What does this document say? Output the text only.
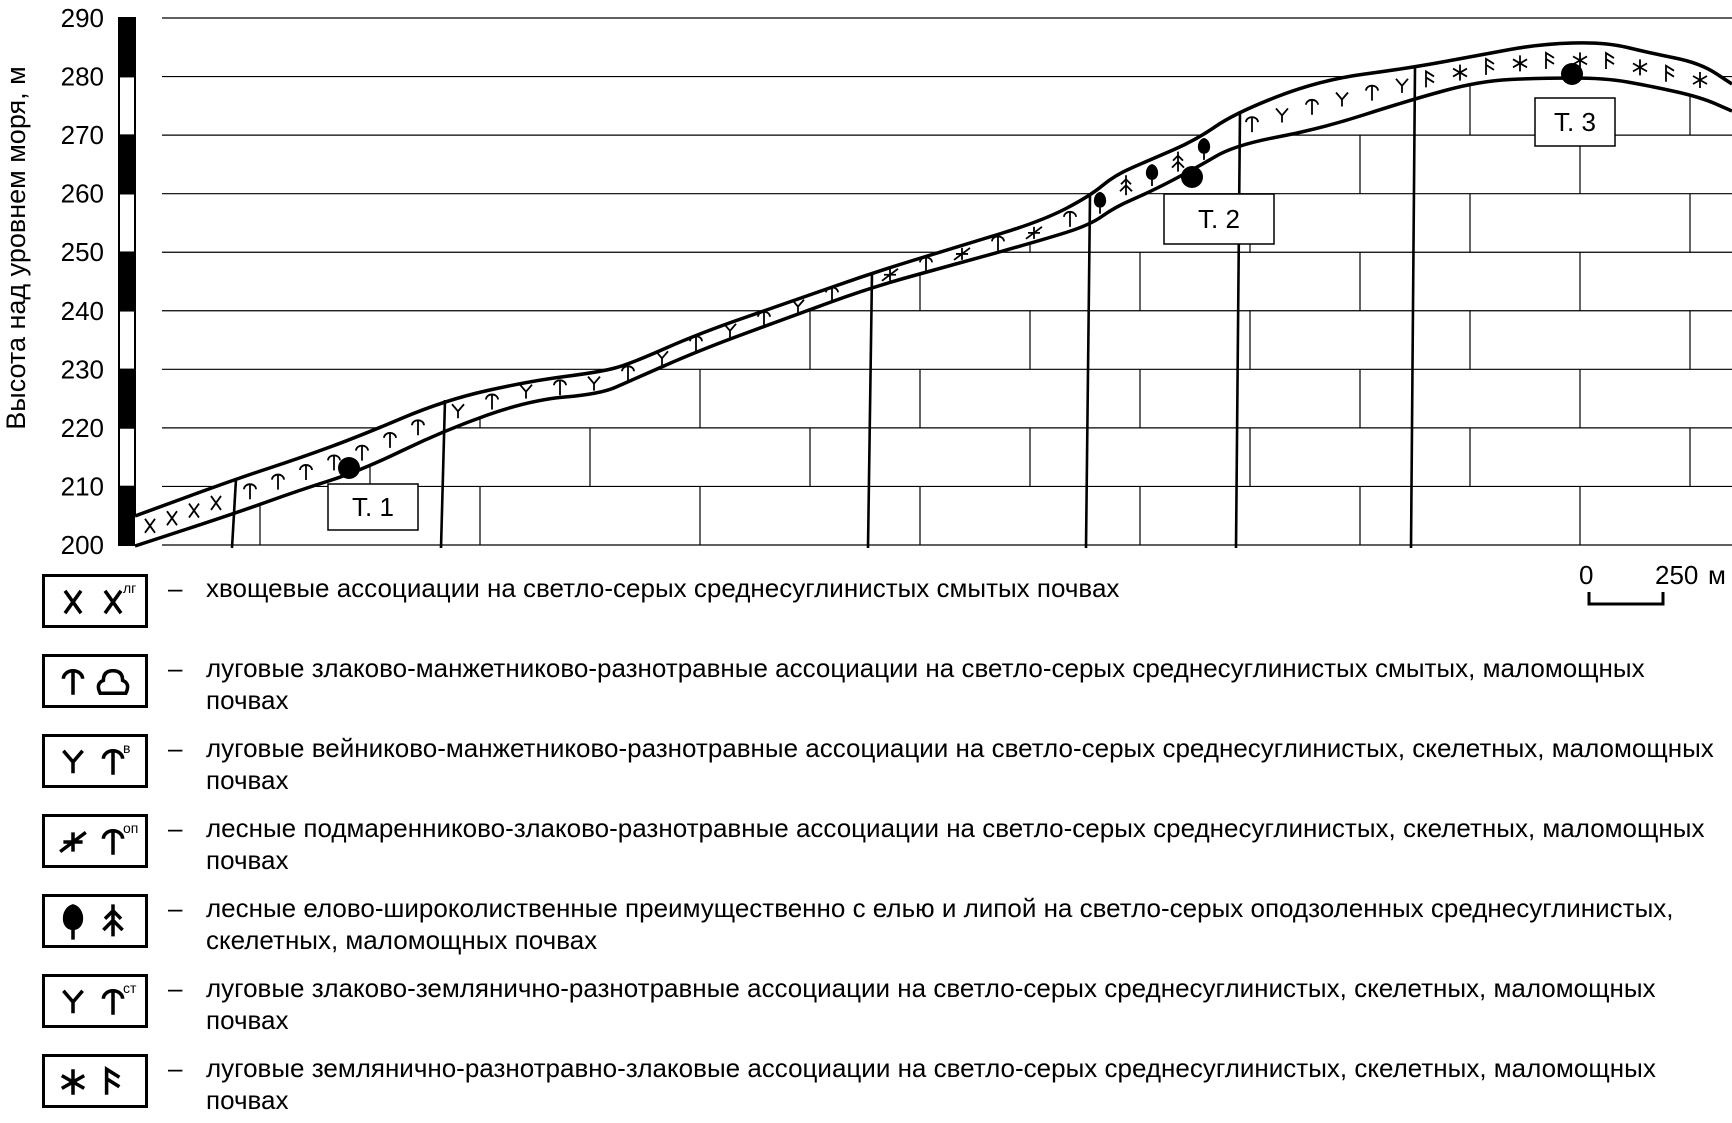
200
210
220
230
240
250
260
270
280
290
Высота над уровнем моря, м
Т. 1
Т. 2
Т. 3
0 250 м
лг – хвощевые ассоциации на светло-серых среднесуглинистых смытых почвах
– луговые злаково-манжетниково-разнотравные ассоциации на светло-серых среднесуглинистых смытых, маломощных почвах
в – луговые вейниково-манжетниково-разнотравные ассоциации на светло-серых среднесуглинистых, скелетных, маломощных почвах
оп – лесные подмаренниково-злаково-разнотравные ассоциации на светло-серых среднесуглинистых, скелетных, маломощных почвах
– лесные елово-широколиственные преимущественно с елью и липой на светло-серых оподзоленных среднесуглинистых, скелетных, маломощных почвах
ст – луговые злаково-землянично-разнотравные ассоциации на светло-серых среднесуглинистых, скелетных, маломощных почвах
– луговые землянично-разнотравно-злаковые ассоциации на светло-серых среднесуглинистых, скелетных, маломощных почвах
